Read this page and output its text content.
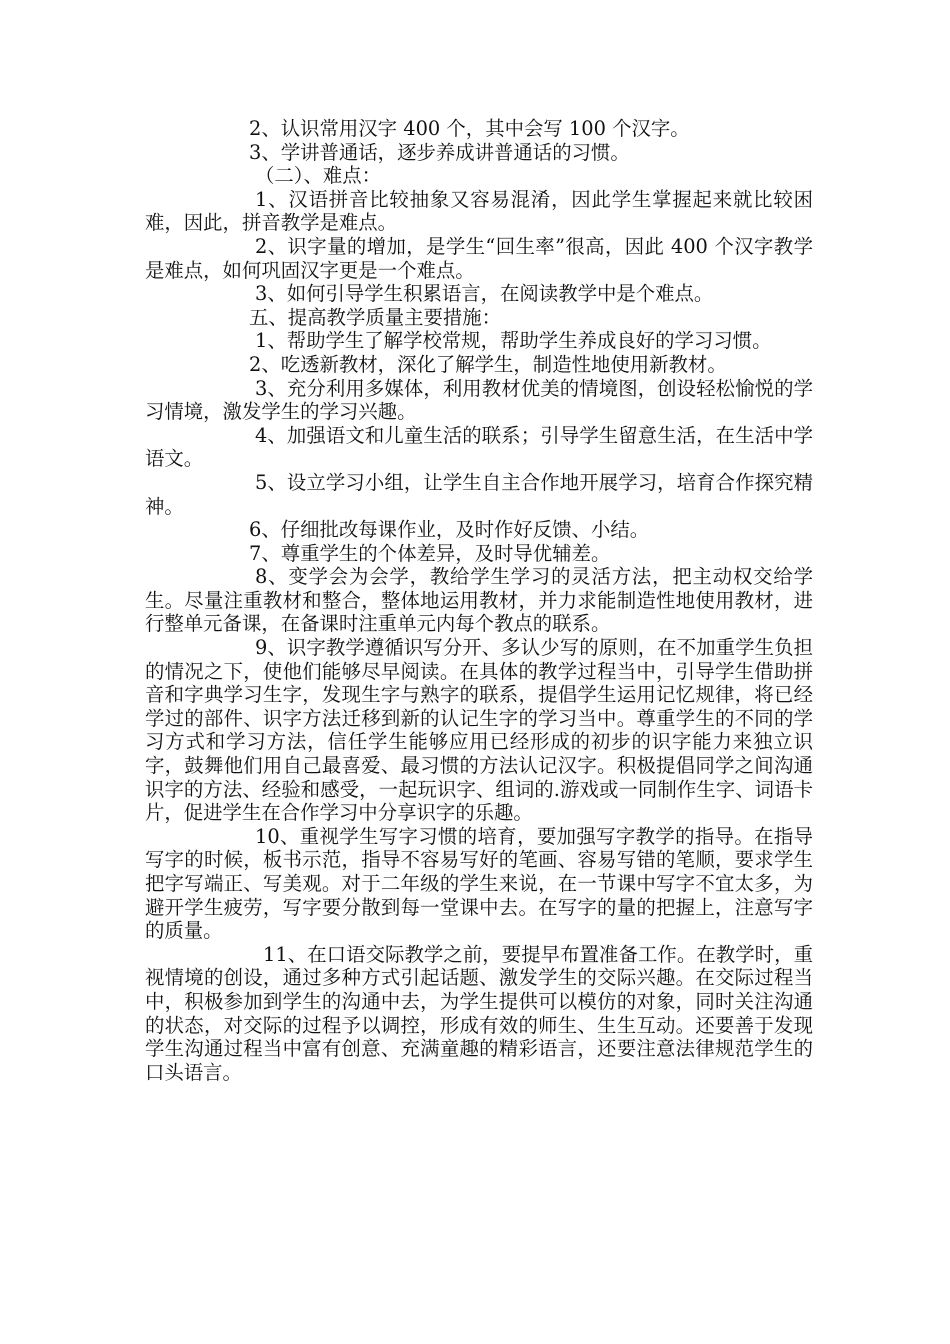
2、认识常用汉字 400 个，其中会写 100 个汉字。

3、学讲普通话，逐步养成讲普通话的习惯。

（二）、难点：

1、汉语拼音比较抽象又容易混淆，因此学生掌握起来就比较困难，因此，拼音教学是难点。

2、识字量的增加，是学生“回生率”很高，因此 400 个汉字教学是难点，如何巩固汉字更是一个难点。

3、如何引导学生积累语言，在阅读教学中是个难点。

五、提高教学质量主要措施：

1、帮助学生了解学校常规，帮助学生养成良好的学习习惯。

2、吃透新教材，深化了解学生，制造性地使用新教材。

3、充分利用多媒体，利用教材优美的情境图，创设轻松愉悦的学习情境，激发学生的学习兴趣。

4、加强语文和儿童生活的联系；引导学生留意生活，在生活中学语文。

5、设立学习小组，让学生自主合作地开展学习，培育合作探究精神。

6、仔细批改每课作业，及时作好反馈、小结。

7、尊重学生的个体差异，及时导优辅差。

8、变学会为会学，教给学生学习的灵活方法，把主动权交给学生。尽量注重教材和整合，整体地运用教材，并力求能制造性地使用教材，进行整单元备课，在备课时注重单元内每个教点的联系。

9、识字教学遵循识写分开、多认少写的原则，在不加重学生负担的情况之下，使他们能够尽早阅读。在具体的教学过程当中，引导学生借助拼音和字典学习生字，发现生字与熟字的联系，提倡学生运用记忆规律，将已经学过的部件、识字方法迁移到新的认记生字的学习当中。尊重学生的不同的学习方式和学习方法，信任学生能够应用已经形成的初步的识字能力来独立识字，鼓舞他们用自己最喜爱、最习惯的方法认记汉字。积极提倡同学之间沟通识字的方法、经验和感受，一起玩识字、组词的.游戏或一同制作生字、词语卡片，促进学生在合作学习中分享识字的乐趣。

10、重视学生写字习惯的培育，要加强写字教学的指导。在指导写字的时候，板书示范，指导不容易写好的笔画、容易写错的笔顺，要求学生把字写端正、写美观。对于二年级的学生来说，在一节课中写字不宜太多，为避开学生疲劳，写字要分散到每一堂课中去。在写字的量的把握上，注意写字的质量。

11、在口语交际教学之前，要提早布置准备工作。在教学时，重视情境的创设，通过多种方式引起话题、激发学生的交际兴趣。在交际过程当中，积极参加到学生的沟通中去，为学生提供可以模仿的对象，同时关注沟通的状态，对交际的过程予以调控，形成有效的师生、生生互动。还要善于发现学生沟通过程当中富有创意、充满童趣的精彩语言，还要注意法律规范学生的口头语言。
